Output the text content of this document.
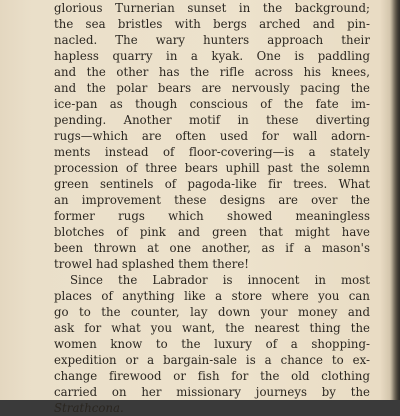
glorious Turnerian sunset in the background;
the sea bristles with bergs arched and pin-
nacled. The wary hunters approach their
hapless quarry in a kyak. One is paddling
and the other has the rifle across his knees,
and the polar bears are nervously pacing the
ice-pan as though conscious of the fate im-
pending. Another motif in these diverting
rugs—which are often used for wall adorn-
ments instead of floor-covering—is a stately
procession of three bears uphill past the solemn
green sentinels of pagoda-like fir trees. What
an improvement these designs are over the
former rugs which showed meaningless
blotches of pink and green that might have
been thrown at one another, as if a mason's
trowel had splashed them there!
Since the Labrador is innocent in most
places of anything like a store where you can
go to the counter, lay down your money and
ask for what you want, the nearest thing the
women know to the luxury of a shopping-
expedition or a bargain-sale is a chance to ex-
change firewood or fish for the old clothing
carried on her missionary journeys by the
Strathcona.
